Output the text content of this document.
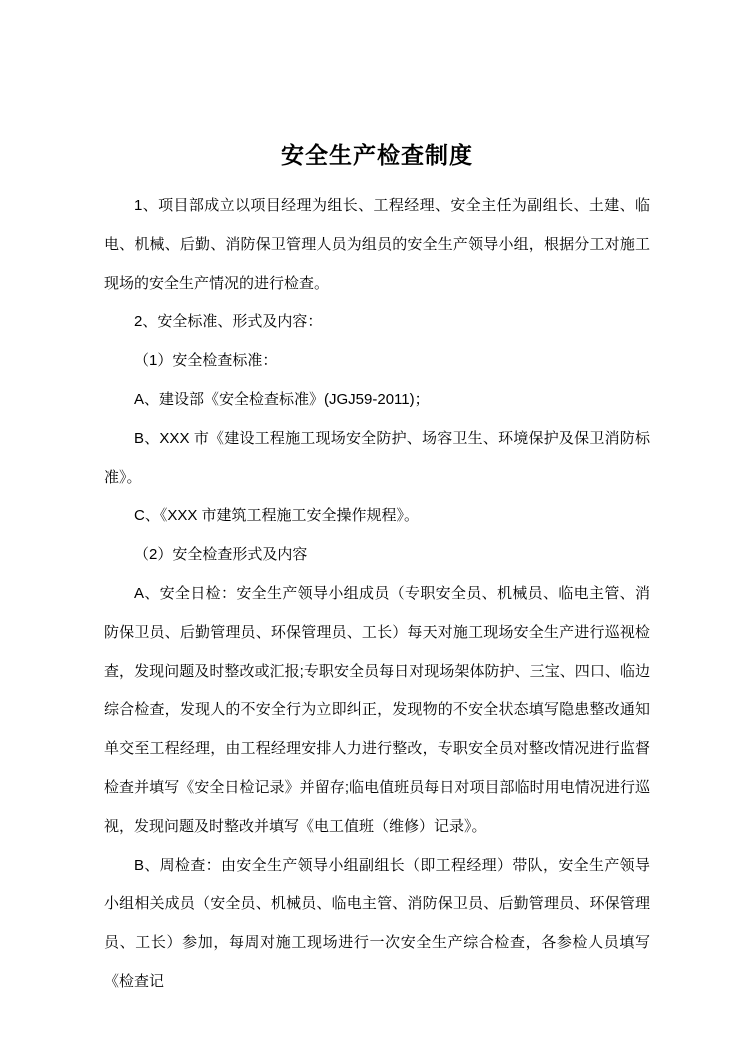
安全生产检查制度

1、项目部成立以项目经理为组长、工程经理、安全主任为副组长、土建、临电、机械、后勤、消防保卫管理人员为组员的安全生产领导小组，根据分工对施工现场的安全生产情况的进行检查。

2、安全标准、形式及内容：

（1）安全检查标准：

A、建设部《安全检查标准》(JGJ59-2011)；

B、XXX 市《建设工程施工现场安全防护、场容卫生、环境保护及保卫消防标准》。

C、《XXX 市建筑工程施工安全操作规程》。

（2）安全检查形式及内容

A、安全日检：安全生产领导小组成员（专职安全员、机械员、临电主管、消防保卫员、后勤管理员、环保管理员、工长）每天对施工现场安全生产进行巡视检查，发现问题及时整改或汇报;专职安全员每日对现场架体防护、三宝、四口、临边综合检查，发现人的不安全行为立即纠正，发现物的不安全状态填写隐患整改通知单交至工程经理，由工程经理安排人力进行整改，专职安全员对整改情况进行监督检查并填写《安全日检记录》并留存;临电值班员每日对项目部临时用电情况进行巡视，发现问题及时整改并填写《电工值班（维修）记录》。

B、周检查：由安全生产领导小组副组长（即工程经理）带队，安全生产领导小组相关成员（安全员、机械员、临电主管、消防保卫员、后勤管理员、环保管理员、工长）参加，每周对施工现场进行一次安全生产综合检查，各参检人员填写《检查记
